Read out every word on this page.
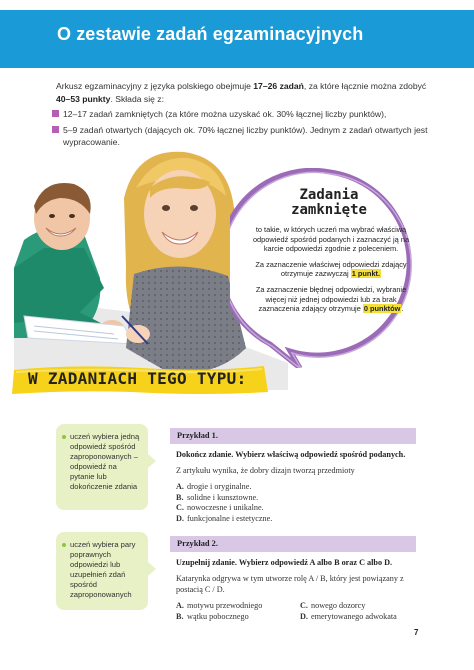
O zestawie zadań egzaminacyjnych
Arkusz egzaminacyjny z języka polskiego obejmuje 17–26 zadań, za które łącznie można zdobyć 40–53 punkty. Składa się z:
12–17 zadań zamkniętych (za które można uzyskać ok. 30% łącznej liczby punktów),
5–9 zadań otwartych (dających ok. 70% łącznej liczby punktów). Jednym z zadań otwartych jest wypracowanie.
Zadania
zamknięte

to takie, w których uczeń ma wybrać właściwą odpowiedź spośród podanych i zaznaczyć ją na karcie odpowiedzi zgodnie z poleceniem.

Za zaznaczenie właściwej odpowiedzi zdający otrzymuje zazwyczaj 1 punkt.

Za zaznaczenie błędnej odpowiedzi, wybranie więcej niż jednej odpowiedzi lub za brak zaznaczenia zdający otrzymuje 0 punktów.

W ZADANIACH TEGO TYPU:
uczeń wybiera jedną odpowiedź spośród zaproponowanych – odpowiedź na pytanie lub dokończenie zdania
Przykład 1.
Dokończ zdanie. Wybierz właściwą odpowiedź spośród podanych.
Z artykułu wynika, że dobry dizajn tworzą przedmioty
A. drogie i oryginalne.
B. solidne i kunsztowne.
C. nowoczesne i unikalne.
D. funkcjonalne i estetyczne.
uczeń wybiera pary poprawnych odpowiedzi lub uzupełnień zdań spośród zaproponowanych
Przykład 2.
Uzupełnij zdanie. Wybierz odpowiedź A albo B oraz C albo D.
Katarynka odgrywa w tym utworze rolę A / B, który jest powiązany z postacią C / D.
A. motywu przewodniego	C. nowego dozorcy
B. wątku pobocznego	D. emerytowanego adwokata
7
